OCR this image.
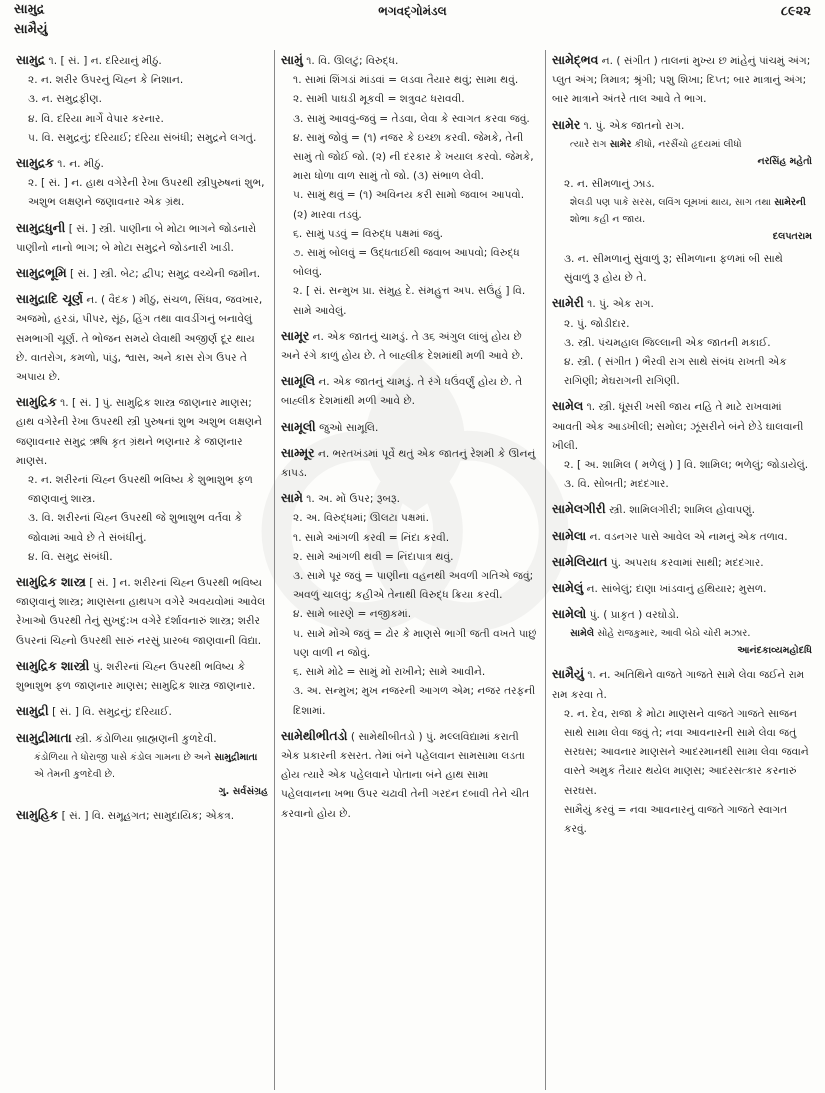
સામુદ્ર
સામૈયું
ભગવદ્ગોમંડલ	૮૯૨૨
સામુદ્ર ૧. [ સં. ] ન. દરિયાનું મીઠું.
૨. ન. શરીર ઉપરનું ચિહ્ન કે નિશાન.
૩. ન. સમુદ્રફીણ.
૪. વિ. દરિયા માર્ગે વેપાર કરનાર.
૫. વિ. સમુદ્રનું; દરિયાઈ; દરિયા સંબંધી; સમુદ્રને લગતું.
સામુદ્રક ૧. ન. મીઠું.
૨. [ સં. ] ન. હાથ વગેરેની રેખા ઉપરથી સ્ત્રીપુરુષનાં શુભ, અશુભ લક્ષણને જણાવનાર એક ગ્રંથ.
સામુદ્રધુની [ સં. ] સ્ત્રી. પાણીના બે મોટા ભાગને જોડનારો પાણીનો નાનો ભાગ; બે મોટા સમુદ્રને જોડનારી ખાડી.
સામુદ્રભૂમિ [ સં. ] સ્ત્રી. બેટ; દ્વીપ; સમુદ્ર વચ્ચેની જમીન.
સામુદ્રાદિ ચૂર્ણ ન. ( વૈદક ) મીઠું, સંચળ, સિંધવ, જવખાર, અજમો, હરડાં, પીપર, સૂંઠ, હિંગ તથા વાવડીંગનું બનાવેલું સમભાગી ચૂર્ણ. તે ભોજન સમયે લેવાથી અજીર્ણ દૂર થાય છે. વાતરોગ, કમળો, પાંડુ, શ્વાસ, અને કાસ રોગ ઉપર તે અપાય છે.
સામુદ્રિક ૧. [ સં. ] પું. સામુદ્રિક શાસ્ત્ર જાણનાર માણસ; હાથ વગેરેની રેખા ઉપરથી સ્ત્રી પુરુષનાં શુભ અશુભ લક્ષણને જણાવનાર સમુદ્ર ઋષિ કૃત ગ્રંથને ભણનાર કે જાણનાર માણસ.
૨. ન. શરીરનાં ચિહ્ન ઉપરથી ભવિષ્ય કે શુભાશુભ ફળ જાણવાનું શાસ્ત્ર.
૩. વિ. શરીરનાં ચિહ્ન ઉપરથી જે શુભાશુભ વર્તવા કે જોવામાં આવે છે તે સંબંધીનું.
૪. વિ. સમુદ્ર સંબંધી.
સામુદ્રિક શાસ્ત્ર [ સં. ] ન. શરીરનાં ચિહ્ન ઉપરથી ભવિષ્ય જાણવાનું શાસ્ત્ર; માણસના હાથપગ વગેરે અવયવોમાં આવેલ રેખાઓ ઉપરથી તેનું સુખદુ:ખ વગેરે દર્શાવનારું શાસ્ત્ર; શરીર ઉપરનાં ચિહ્નો ઉપરથી સારું નરસું પ્રારબ્ધ જાણવાની વિદ્યા.
સામુદ્રિક શાસ્ત્રી પું. શરીરનાં ચિહ્ન ઉપરથી ભવિષ્ય કે શુભાશુભ ફળ જાણનાર માણસ; સામુદ્રિક શાસ્ત્ર જાણનાર.
સામુદ્રી [ સં. ] વિ. સમુદ્રનું; દરિયાઈ.
સામુદ્રીમાતા સ્ત્રી. કંડોળિયા બ્રાહ્મણની કુળદેવી.
કંડોળિયા તે ધોરાજી પાસે કંડોલ ગામના છે અને સામુદ્રીમાતા એ તેમની કુળદેવી છે.
ગુ. સર્વસંગ્રહ
સામુહિક [ સં. ] વિ. સમૂહગત; સામુદાયિક; એકત્ર.
સામું ૧. વિ. ઊલટું; વિરુદ્ધ.
૧. સામાં શિંગડાં માંડવાં = લડવા તૈયાર થવું; સામા થવું.
૨. સામી પાઘડી મૂકવી = શત્રુવટ ધરાવવી.
૩. સામું આવવું-જવું = તેડવા, લેવા કે સ્વાગત કરવા જવું.
૪. સામું જોવું = (૧) નજર કે ઇચ્છા કરવી. જેમકે, તેની સામું તો જોઈ જો. (૨) ની દરકાર કે ખયાલ કરવો. જેમકે, મારા ધોળા વાળ સામું તો જો. (૩) સંભાળ લેવી.
૫. સામું થવું = (૧) અવિનય કરી સામો જવાબ આપવો. (૨) મારવા તડવું.
૬. સામું પડવું = વિરુદ્ધ પક્ષમાં જવું.
૭. સામું બોલવું = ઉદ્ધતાઈથી જવાબ આપવો; વિરુદ્ધ બોલવું.
૨. [ સં. સન્મુખ પ્રા. સંમુહ દે. સંમહુત્ત અપ. સઉંહું ] વિ. સામે આવેલું.
સામૂર ન. એક જાતનું ચામડું. તે ૩૬ અંગુલ લાંબું હોય છે અને રંગે કાળું હોય છે. તે બાહ્લીક દેશમાંથી મળી આવે છે.
સામૂલિ ન. એક જાતનું ચામડું. તે રંગે ધઉંવર્ણું હોય છે. તે બાહ્લીક દેશમાંથી મળી આવે છે.
સામૂલી જુઓ સામૂલિ.
સામ્મૂર ન. ભરતખંડમાં પૂર્વે થતું એક જાતનું રેશમી કે ઊનનું કાપડ.
સામે ૧. અ. મોં ઉપર; રૂબરૂ.
૨. અ. વિરુદ્ધમાં; ઊલટા પક્ષમાં.
૧. સામે આંગળી કરવી = નિંદા કરવી.
૨. સામે આંગળી થવી = નિંદાપાત્ર થવું.
૩. સામે પૂર જવું = પાણીના વહનથી અવળી ગતિએ જવું; અવળું ચાલવું; કહીએ તેનાથી વિરુદ્ધ ક્રિયા કરવી.
૪. સામે બારણે = નજીકમાં.
૫. સામે મોંએ જવું = ઢોર કે માણસે ભાગી જતી વખતે પાછું પણ વાળી ન જોવું.
૬. સામે મોઢે = સામું મોં રાખીને; સામે આવીને.
૩. અ. સન્મુખ; મુખ નજરની આગળ એમ; નજર તરફની દિશામાં.
સામેથીભીતડો ( સામેથીબીતડો ) પું. મલ્લવિદ્યામાં કરાતી એક પ્રકારની કસરત. તેમાં બંને પહેલવાન સામસામા લડતા હોય ત્યારે એક પહેલવાને પોતાના બંને હાથ સામા પહેલવાનના ખભા ઉપર ચઢાવી તેની ગરદન દબાવી તેને ચીત કરવાનો હોય છે.
સામેદ્ભવ ન. ( સંગીત ) તાલનાં મુખ્ય છ માંહેનું પાંચમું અંગ; પ્લુત અંગ; ત્રિમાત્ર; શ્રૃંગી; પશુ શિખા; દિપ્ત; બાર માત્રાનું અંગ; બાર માત્રાને અંતરે તાલ આવે તે ભાગ.
સામેર ૧. પું. એક જાતનો રાગ.
ત્યારે રાગ સામેર કીધો, નરસૈંચો હૃદયમાં લીધો
નરસિંહ મહેતો
૨. ન. સીમળાનું ઝાડ.
શેલડી પણ પાકે સરસ, લવિંગ લૂમખાં થાય, સાગ તથા સામેરની શોભા કહી ન જાય.
દલપતરામ
૩. ન. સીમળાનું સુંવાળું રૂ; સીમળાના ફળમાં બી સાથે સુંવાળું રૂ હોય છે તે.
સામેરી ૧. પું. એક રાગ.
૨. પું. જોડીદાર.
૩. સ્ત્રી. પંચમહાલ જિલ્લાની એક જાતની મકાઈ.
૪. સ્ત્રી. ( સંગીત ) ભૈરવી રાગ સાથે સંબંધ રાખતી એક રાગિણી; મેઘરાગની રાગિણી.
સામેલ ૧. સ્ત્રી. ધૂંસરી ખસી જાય નહિ તે માટે રાખવામાં આવતી એક આડખીલી; સમોલ; ઝૂંસરીને બંને છેડે ઘાલવાની ખીલી.
૨. [ અ. શામિલ ( મળેલું ) ] વિ. શામિલ; ભળેલું; જોડાયેલું.
૩. વિ. સોબતી; મદદગાર.
સામેલગીરી સ્ત્રી. શામિલગીરી; શામિલ હોવાપણું.
સામેલા ન. વડનગર પાસે આવેલ એ નામનું એક તળાવ.
સામેલિયાત પું. અપરાધ કરવામાં સાથી; મદદગાર.
સામેલું ન. સાંબેલું; દાણા ખાંડવાનું હથિયાર; મુસળ.
સામેલો પું. ( પ્રાકૃત ) વરઘોડો.
સામેલે સોહે રાજકુમાર, આવી બેઠો ચોરી મઝાર.
આનંદકાવ્યમહોદધિ
સામૈયું ૧. ન. અતિથિને વાજતે ગાજતે સામે લેવા જઈને રામ રામ કરવા તે.
૨. ન. દેવ, રાજા કે મોટા માણસને વાજતે ગાજતે સાજન સાથે સામા લેવા જવું તે; નવા આવનારની સામે લેવા જતું સરઘસ; આવનાર માણસને આદરમાનથી સામા લેવા જવાને વાસ્તે અમુક તૈયાર થયેલ માણસ; આદરસત્કાર કરનારું સરઘસ.
સામૈયું કરવું = નવા આવનારનું વાજતે ગાજતે સ્વાગત કરવું.
